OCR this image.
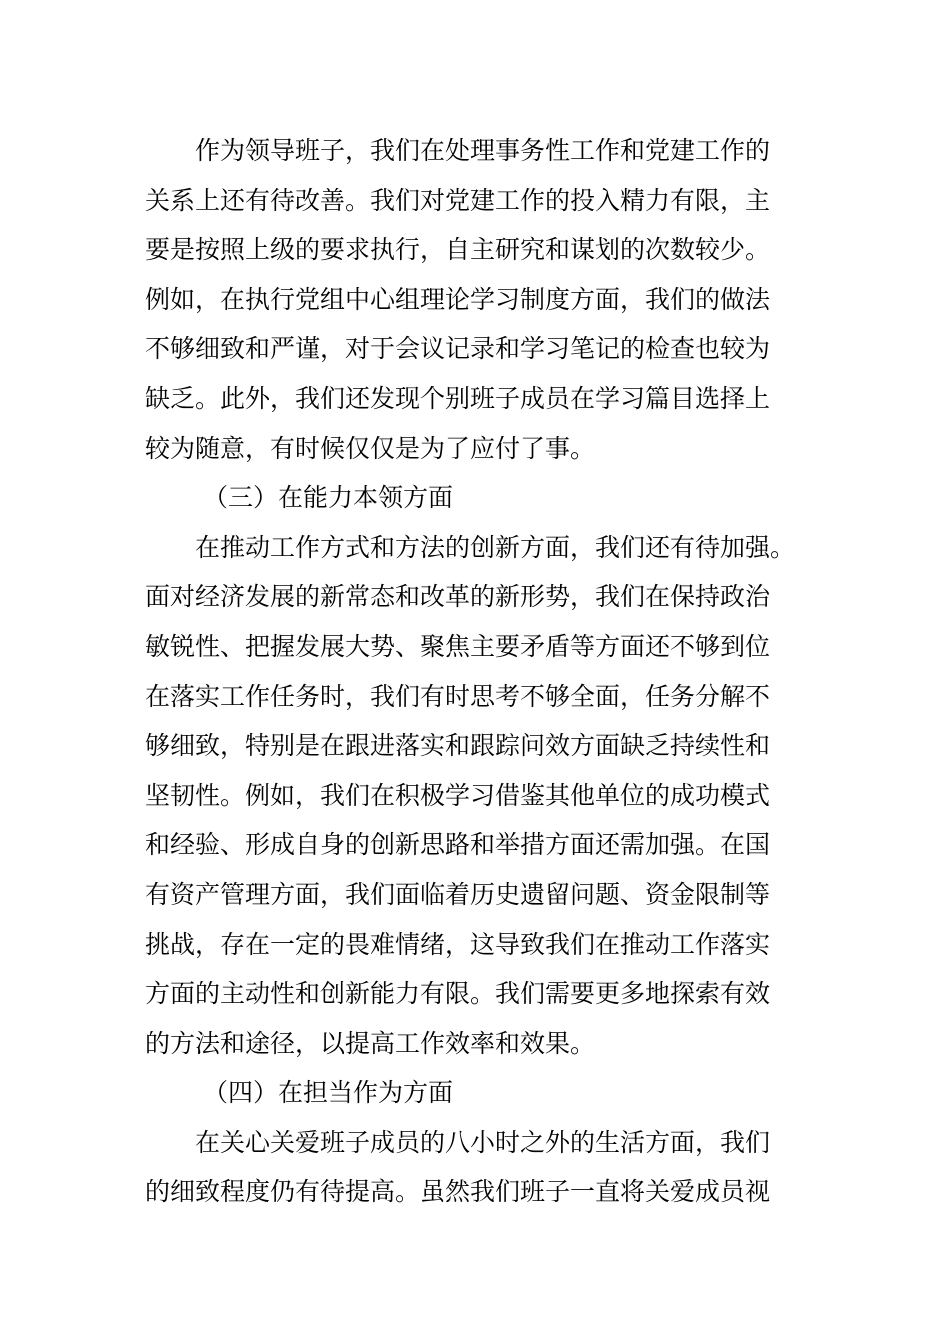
作为领导班子，我们在处理事务性工作和党建工作的
关系上还有待改善。我们对党建工作的投入精力有限，主
要是按照上级的要求执行，自主研究和谋划的次数较少。
例如，在执行党组中心组理论学习制度方面，我们的做法
不够细致和严谨，对于会议记录和学习笔记的检查也较为
缺乏。此外，我们还发现个别班子成员在学习篇目选择上
较为随意，有时候仅仅是为了应付了事。
（三）在能力本领方面
在推动工作方式和方法的创新方面，我们还有待加强。
面对经济发展的新常态和改革的新形势，我们在保持政治
敏锐性、把握发展大势、聚焦主要矛盾等方面还不够到位
在落实工作任务时，我们有时思考不够全面，任务分解不
够细致，特别是在跟进落实和跟踪问效方面缺乏持续性和
坚韧性。例如，我们在积极学习借鉴其他单位的成功模式
和经验、形成自身的创新思路和举措方面还需加强。在国
有资产管理方面，我们面临着历史遗留问题、资金限制等
挑战，存在一定的畏难情绪，这导致我们在推动工作落实
方面的主动性和创新能力有限。我们需要更多地探索有效
的方法和途径，以提高工作效率和效果。
（四）在担当作为方面
在关心关爱班子成员的八小时之外的生活方面，我们
的细致程度仍有待提高。虽然我们班子一直将关爱成员视
